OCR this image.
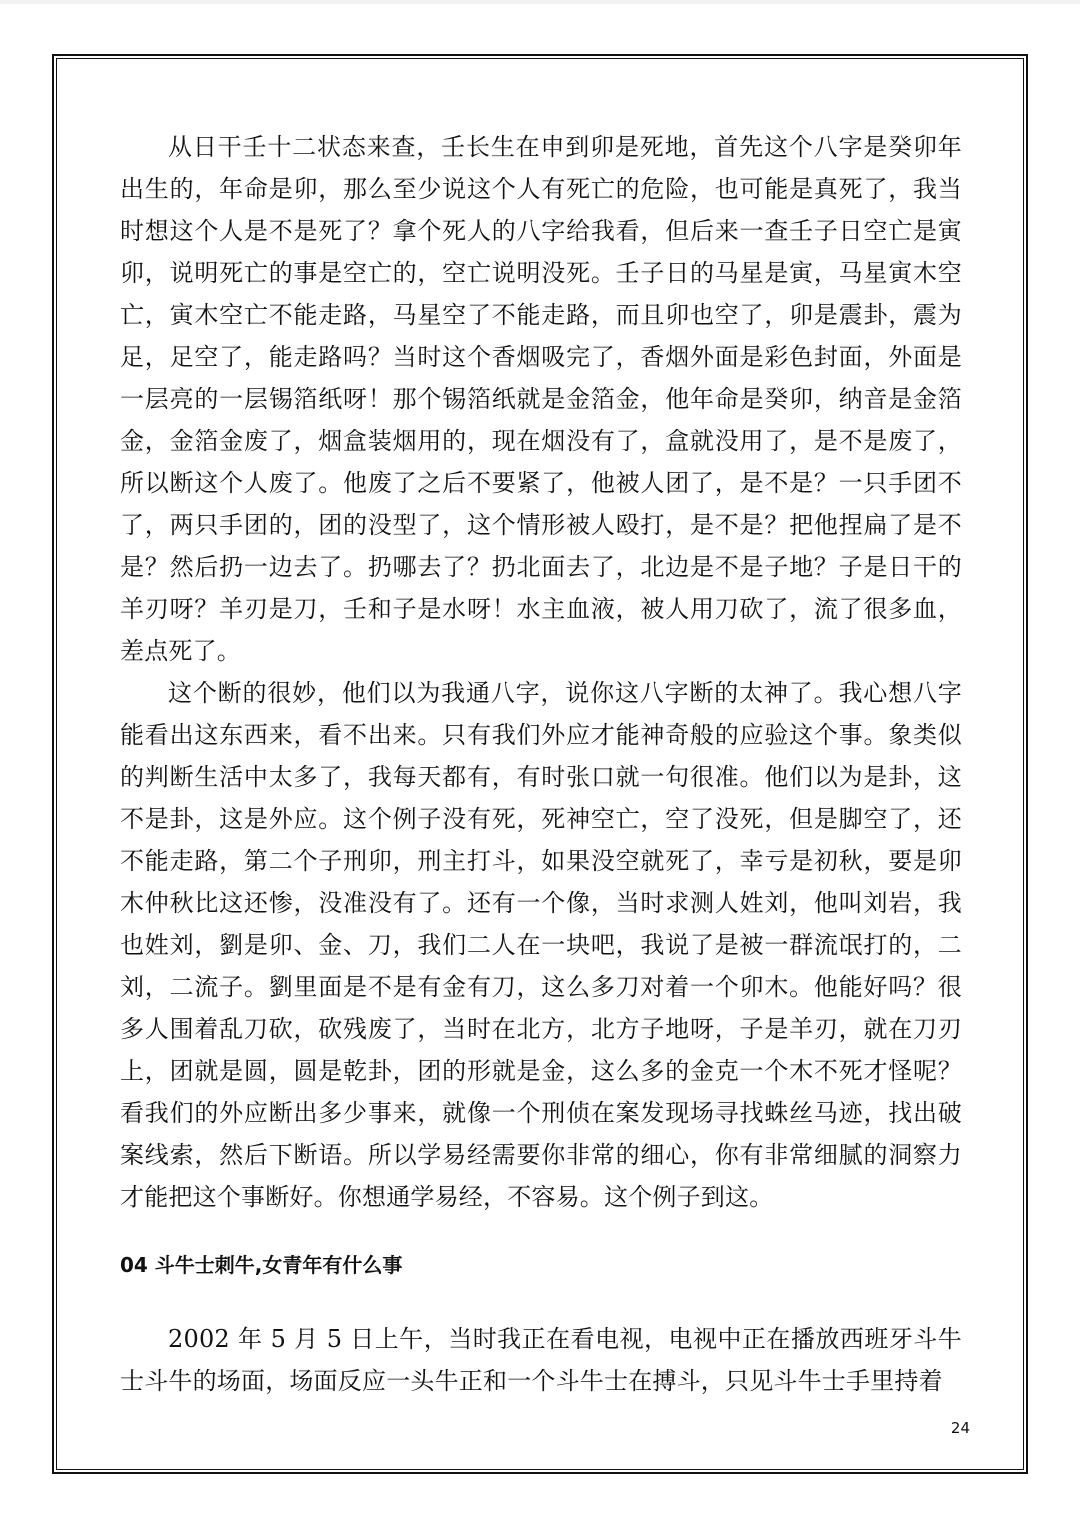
从日干壬十二状态来查，壬长生在申到卯是死地，首先这个八字是癸卯年出生的，年命是卯，那么至少说这个人有死亡的危险，也可能是真死了，我当时想这个人是不是死了？拿个死人的八字给我看，但后来一查壬子日空亡是寅卯，说明死亡的事是空亡的，空亡说明没死。壬子日的马星是寅，马星寅木空亡，寅木空亡不能走路，马星空了不能走路，而且卯也空了，卯是震卦，震为足，足空了，能走路吗？当时这个香烟吸完了，香烟外面是彩色封面，外面是一层亮的一层锡箔纸呀！那个锡箔纸就是金箔金，他年命是癸卯，纳音是金箔金，金箔金废了，烟盒装烟用的，现在烟没有了，盒就没用了，是不是废了，所以断这个人废了。他废了之后不要紧了，他被人团了，是不是？一只手团不了，两只手团的，团的没型了，这个情形被人殴打，是不是？把他捏扁了是不是？然后扔一边去了。扔哪去了？扔北面去了，北边是不是子地？子是日干的羊刃呀？羊刃是刀，壬和子是水呀！水主血液，被人用刀砍了，流了很多血，差点死了。

这个断的很妙，他们以为我通八字，说你这八字断的太神了。我心想八字能看出这东西来，看不出来。只有我们外应才能神奇般的应验这个事。象类似的判断生活中太多了，我每天都有，有时张口就一句很准。他们以为是卦，这不是卦，这是外应。这个例子没有死，死神空亡，空了没死，但是脚空了，还不能走路，第二个子刑卯，刑主打斗，如果没空就死了，幸亏是初秋，要是卯木仲秋比这还惨，没准没有了。还有一个像，当时求测人姓刘，他叫刘岩，我也姓刘，劉是卯、金、刀，我们二人在一块吧，我说了是被一群流氓打的，二刘，二流子。劉里面是不是有金有刀，这么多刀对着一个卯木。他能好吗？很多人围着乱刀砍，砍残废了，当时在北方，北方子地呀，子是羊刃，就在刀刃上，团就是圆，圆是乾卦，团的形就是金，这么多的金克一个木不死才怪呢？看我们的外应断出多少事来，就像一个刑侦在案发现场寻找蛛丝马迹，找出破案线索，然后下断语。所以学易经需要你非常的细心，你有非常细腻的洞察力才能把这个事断好。你想通学易经，不容易。这个例子到这。

04 斗牛士刺牛,女青年有什么事

2002 年 5 月 5 日上午，当时我正在看电视，电视中正在播放西班牙斗牛士斗牛的场面，场面反应一头牛正和一个斗牛士在搏斗，只见斗牛士手里持着

24
